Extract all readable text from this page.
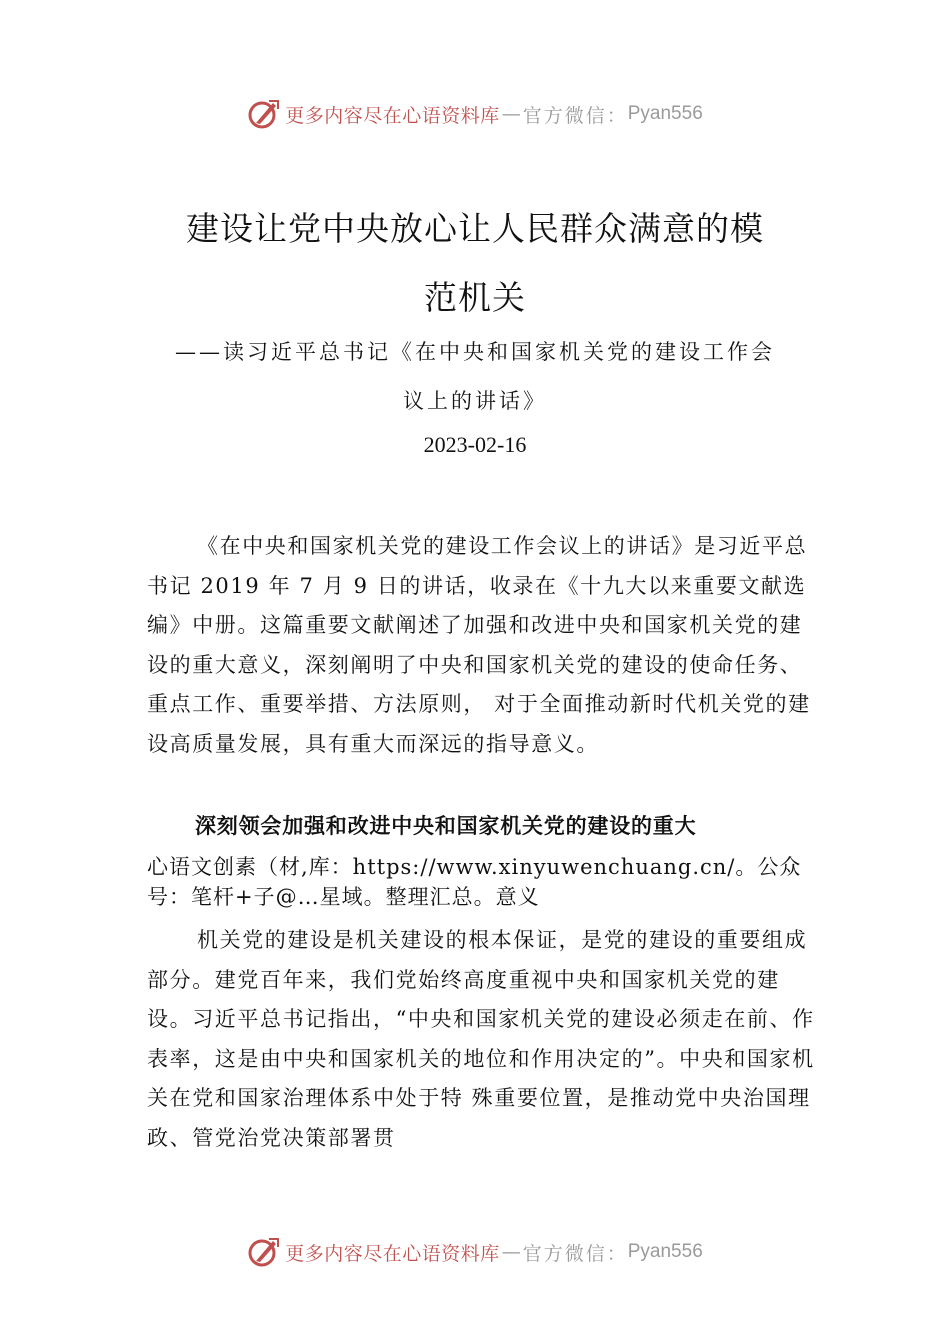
更多内容尽在心语资料库 — 官方微信： Pyan556
建设让党中央放心让人民群众满意的模
范机关
——读习近平总书记《在中央和国家机关党的建设工作会
议上的讲话》
2023-02-16

《在中央和国家机关党的建设工作会议上的讲话》是习近平总书记 2019 年 7 月 9 日的讲话，收录在《十九大以来重要文献选编》中册。这篇重要文献阐述了加强和改进中央和国家机关党的建设的重大意义，深刻阐明了中央和国家机关党的建设的使命任务、重点工作、重要举措、方法原则， 对于全面推动新时代机关党的建设高质量发展，具有重大而深远的指导意义。

深刻领会加强和改进中央和国家机关党的建设的重大

心语文创素（材,库：https://www.xinyuwenchuang.cn/。公众号：笔杆+子@…星域。整理汇总。意义

机关党的建设是机关建设的根本保证，是党的建设的重要组成部分。建党百年来，我们党始终高度重视中央和国家机关党的建设。习近平总书记指出，“中央和国家机关党的建设必须走在前、作表率，这是由中央和国家机关的地位和作用决定的”。中央和国家机关在党和国家治理体系中处于特 殊重要位置，是推动党中央治国理政、管党治党决策部署贯

更多内容尽在心语资料库 — 官方微信： Pyan556
